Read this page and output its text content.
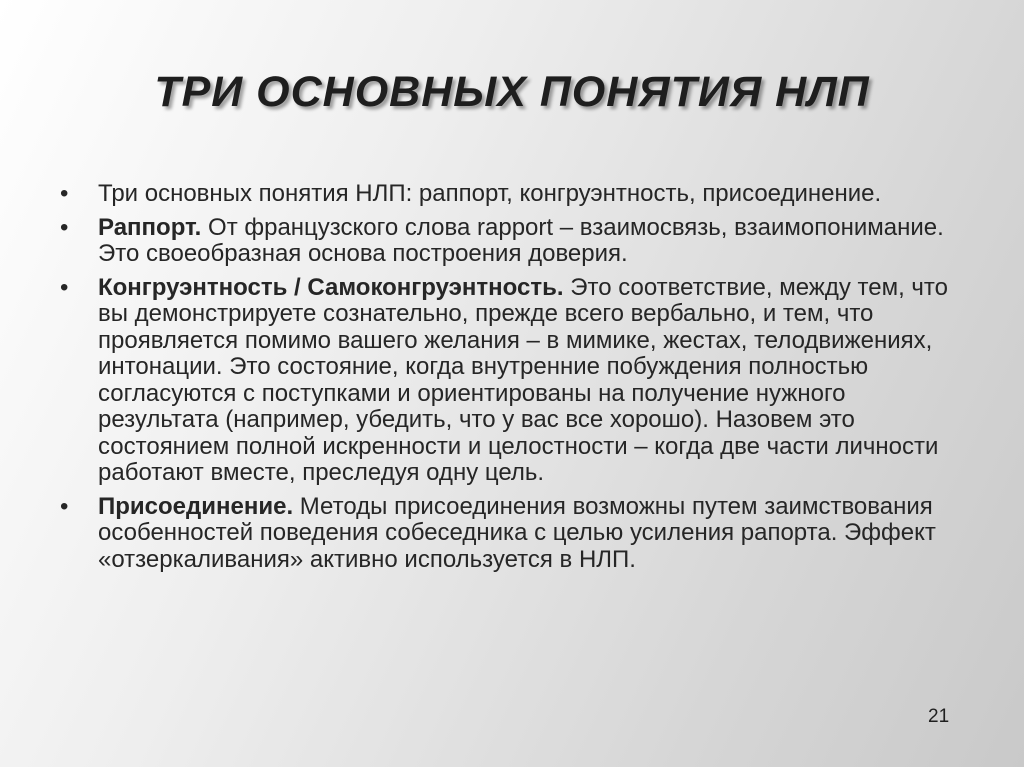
ТРИ ОСНОВНЫХ ПОНЯТИЯ НЛП
• Три основных понятия НЛП: раппорт, конгруэнтность, присоединение.
• Раппорт. От французского слова rapport – взаимосвязь, взаимопонимание. Это своеобразная основа построения доверия.
• Конгруэнтность / Самоконгруэнтность. Это соответствие, между тем, что вы демонстрируете сознательно, прежде всего вербально, и тем, что проявляется помимо вашего желания – в мимике, жестах, телодвижениях, интонации. Это состояние, когда внутренние побуждения полностью согласуются с поступками и ориентированы на получение нужного результата (например, убедить, что у вас все хорошо). Назовем это состоянием полной искренности и целостности – когда две части личности работают вместе, преследуя одну цель.
• Присоединение. Методы присоединения возможны путем заимствования особенностей поведения собеседника с целью усиления рапорта. Эффект «отзеркаливания» активно используется в НЛП.
21
